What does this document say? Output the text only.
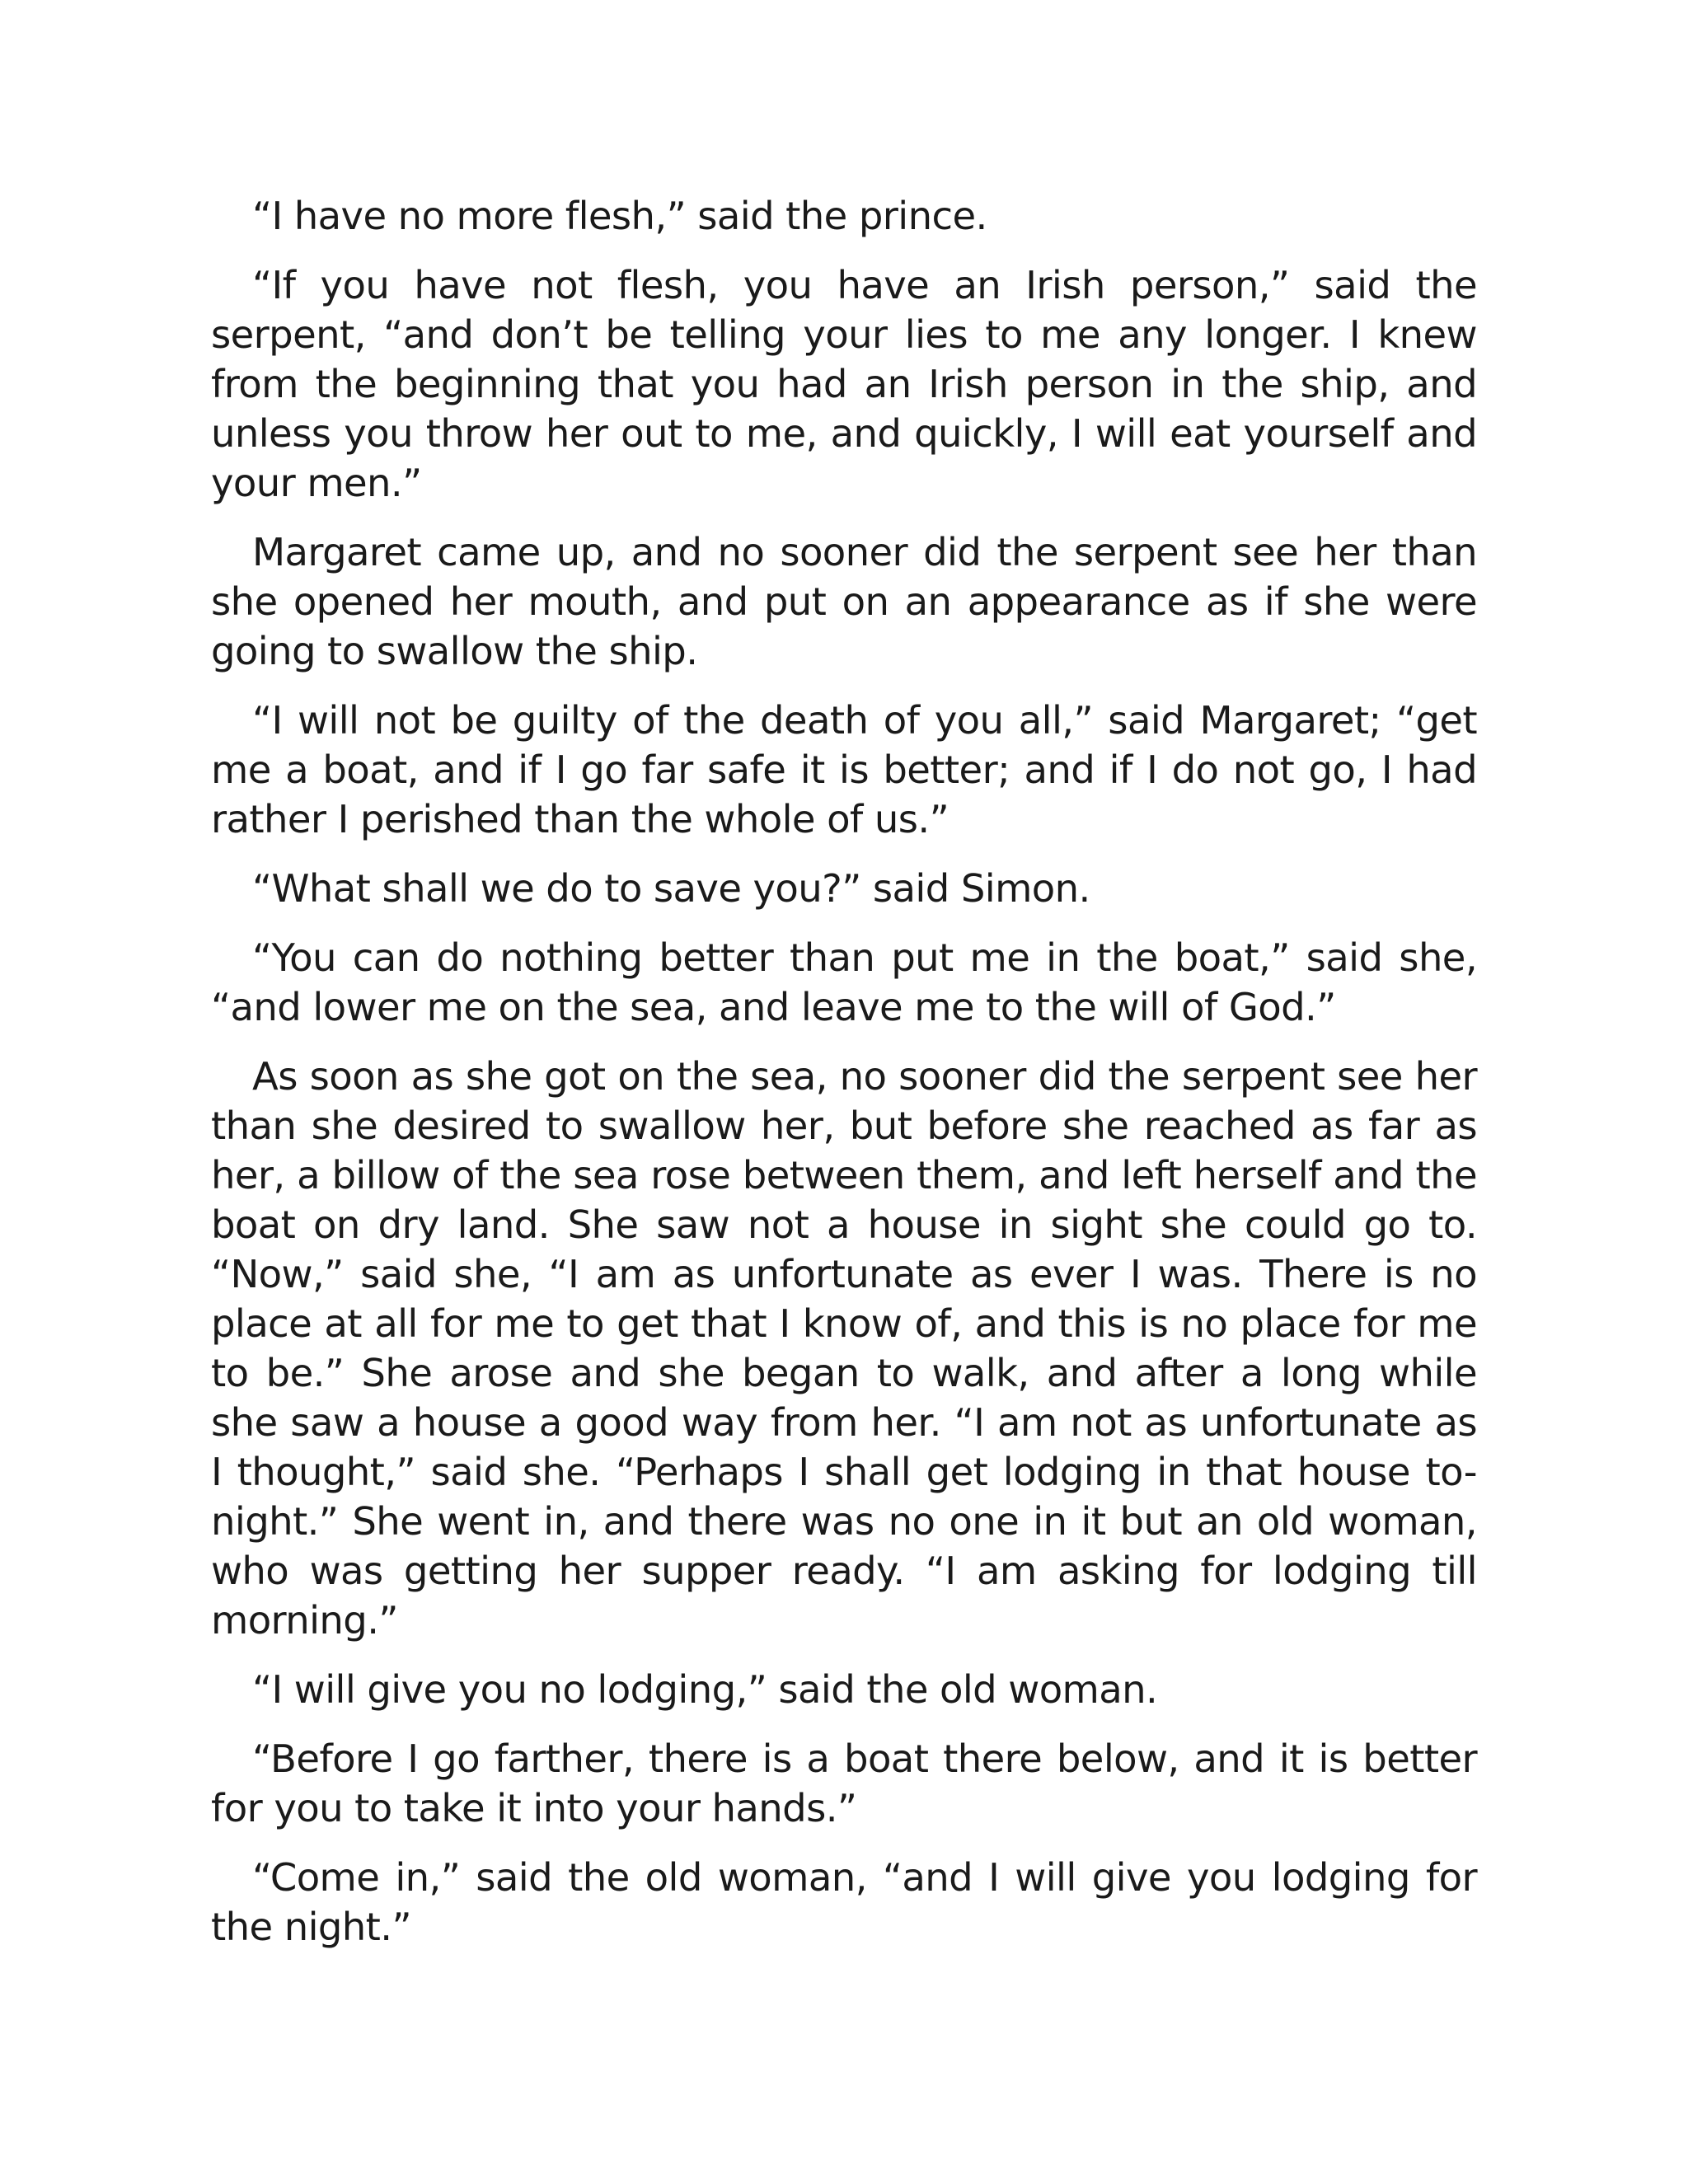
“I have no more flesh,” said the prince.

“If you have not flesh, you have an Irish person,” said the serpent, “and don’t be telling your lies to me any longer. I knew from the beginning that you had an Irish person in the ship, and unless you throw her out to me, and quickly, I will eat yourself and your men.”

Margaret came up, and no sooner did the serpent see her than she opened her mouth, and put on an appearance as if she were going to swallow the ship.

“I will not be guilty of the death of you all,” said Margaret; “get me a boat, and if I go far safe it is better; and if I do not go, I had rather I perished than the whole of us.”

“What shall we do to save you?” said Simon.

“You can do nothing better than put me in the boat,” said she, “and lower me on the sea, and leave me to the will of God.”

As soon as she got on the sea, no sooner did the serpent see her than she desired to swallow her, but before she reached as far as her, a billow of the sea rose between them, and left herself and the boat on dry land. She saw not a house in sight she could go to. “Now,” said she, “I am as unfortunate as ever I was. There is no place at all for me to get that I know of, and this is no place for me to be.” She arose and she began to walk, and after a long while she saw a house a good way from her. “I am not as unfortunate as I thought,” said she. “Perhaps I shall get lodging in that house to-night.” She went in, and there was no one in it but an old woman, who was getting her supper ready. “I am asking for lodging till morning.”

“I will give you no lodging,” said the old woman.

“Before I go farther, there is a boat there below, and it is better for you to take it into your hands.”

“Come in,” said the old woman, “and I will give you lodging for the night.”
